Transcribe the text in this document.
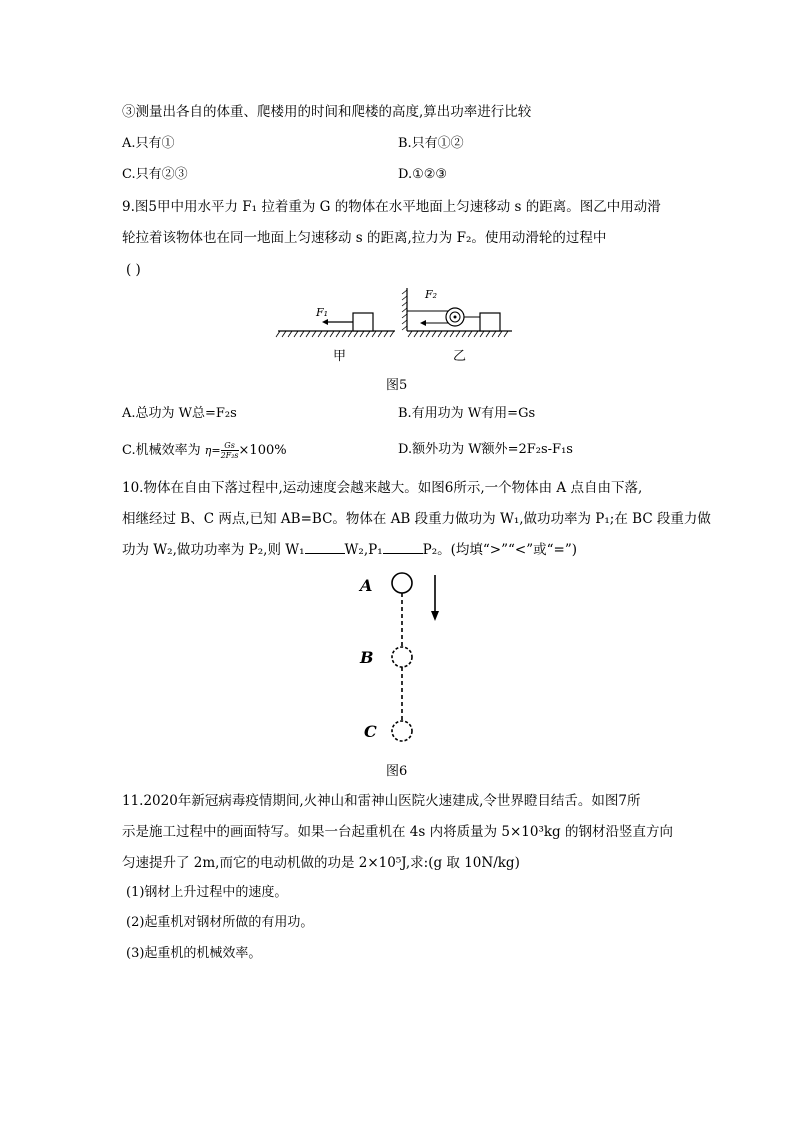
③测量出各自的体重、爬楼用的时间和爬楼的高度,算出功率进行比较
A.只有①	B.只有①②
C.只有②③	D.①②③
9.图5甲中用水平力 F₁ 拉着重为 G 的物体在水平地面上匀速移动 s 的距离。图乙中用动滑
轮拉着该物体也在同一地面上匀速移动 s 的距离,拉力为 F₂。使用动滑轮的过程中
( )
F₁
F₂
甲	乙
图5
A.总功为 W总=F₂s	B.有用功为 W有用=Gs
C.机械效率为 $\eta= \frac{Gs}{\text{2F₂s}} \times 100\%$	D.额外功为 W额外=2F₂s-F₁s
10.物体在自由下落过程中,运动速度会越来越大。如图6所示,一个物体由 A 点自由下落,
相继经过 B、C 两点,已知 AB=BC。物体在 AB 段重力做功为 W₁,做功功率为 P₁;在 BC 段重力做
功为 W₂,做功功率为 P₂,则 W₁	W₂,P₁	P₂。(均填“>”“<”或“=”)
A
B
C
图6
11.2020年新冠病毒疫情期间,火神山和雷神山医院火速建成,令世界瞪目结舌。如图7所
示是施工过程中的画面特写。如果一台起重机在 4s 内将质量为 5×10³kg 的钢材沿竖直方向
匀速提升了 2m,而它的电动机做的功是 2×10⁵J,求:(g 取 10N/kg)
(1)钢材上升过程中的速度。
(2)起重机对钢材所做的有用功。
(3)起重机的机械效率。
